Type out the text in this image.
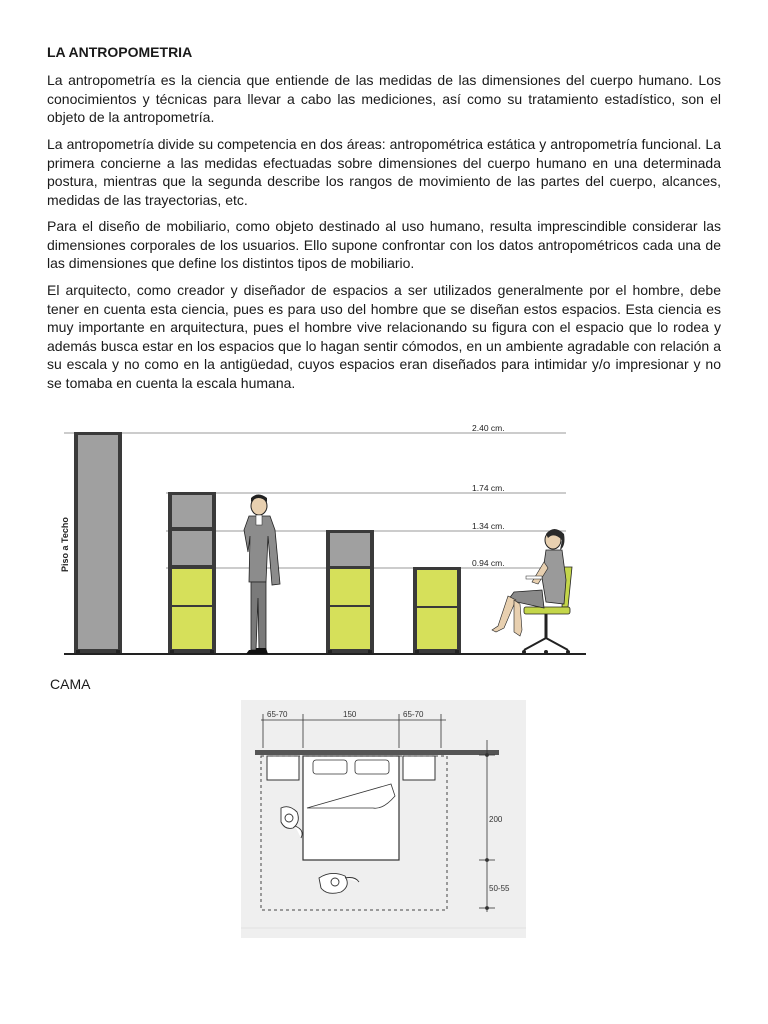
LA ANTROPOMETRIA

La antropometría es la ciencia que entiende de las medidas de las dimensiones del cuerpo humano. Los conocimientos y técnicas para llevar a cabo las mediciones, así como su tratamiento estadístico, son el objeto de la antropometría.

La antropometría divide su competencia en dos áreas: antropométrica estática y antropometría funcional. La primera concierne a las medidas efectuadas sobre dimensiones del cuerpo humano en una determinada postura, mientras que la segunda describe los rangos de movimiento de las partes del cuerpo, alcances, medidas de las trayectorias, etc.

Para el diseño de mobiliario, como objeto destinado al uso humano, resulta imprescindible considerar las dimensiones corporales de los usuarios. Ello supone confrontar con los datos antropométricos cada una de las dimensiones que define los distintos tipos de mobiliario.

El arquitecto, como creador y diseñador de espacios a ser utilizados generalmente por el hombre, debe tener en cuenta esta ciencia, pues es para uso del hombre que se diseñan estos espacios. Esta ciencia es muy importante en arquitectura, pues el hombre vive relacionando su figura con el espacio que lo rodea y además busca estar en los espacios que lo hagan sentir cómodos, en un ambiente agradable con relación a su escala y no como en la antigüedad, cuyos espacios eran diseñados para intimidar y/o impresionar y no se tomaba en cuenta la escala humana.

2.40 cm.
1.74 cm.
1.34 cm.
0.94 cm.
Piso a Techo
CAMA
65-70	150	65-70
200
50-55
